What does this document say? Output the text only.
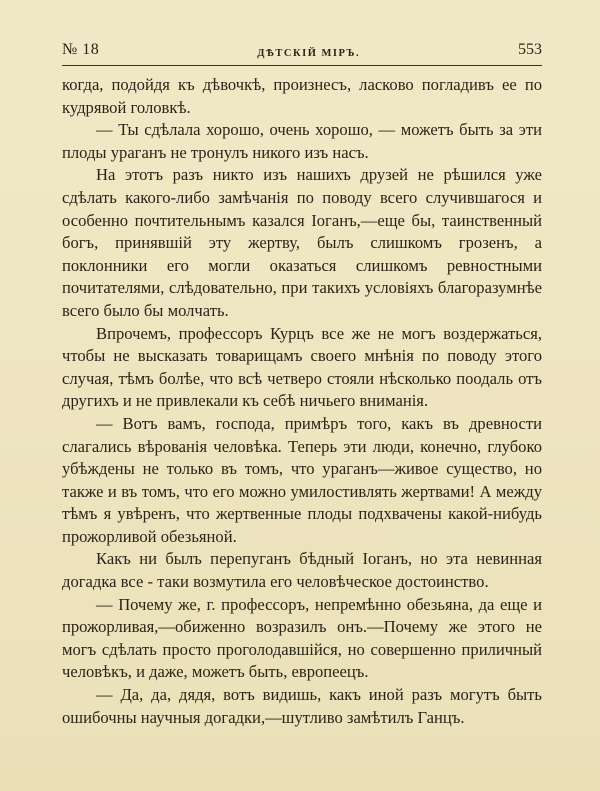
№ 18	ДѢТСКІЙ МІРЪ.	553

когда, подойдя къ дѣвочкѣ, произнесъ, ласково погладивъ ее по кудрявой головкѣ.

— Ты сдѣлала хорошо, очень хорошо, — можетъ быть за эти плоды ураганъ не тронулъ никого изъ насъ.

На этотъ разъ никто изъ нашихъ друзей не рѣшился уже сдѣлать какого-либо замѣчанія по поводу всего случившагося и особенно почтительнымъ казался Іоганъ,—еще бы, таинственный богъ, принявшій эту жертву, былъ слишкомъ грозенъ, а поклонники его могли оказаться слишкомъ ревностными почитателями, слѣдовательно, при такихъ условіяхъ благоразумнѣе всего было бы молчать.

Впрочемъ, профессоръ Курцъ все же не могъ воздержаться, чтобы не высказать товарищамъ своего мнѣнія по поводу этого случая, тѣмъ болѣе, что всѣ четверо стояли нѣсколько поодаль отъ другихъ и не привлекали къ себѣ ничьего вниманія.

— Вотъ вамъ, господа, примѣръ того, какъ въ древности слагались вѣрованія человѣка. Теперь эти люди, конечно, глубоко убѣждены не только въ томъ, что ураганъ—живое существо, но также и въ томъ, что его можно умилостивлять жертвами! А между тѣмъ я увѣренъ, что жертвенные плоды подхвачены какой-нибудь прожорливой обезьяной.

Какъ ни былъ перепуганъ бѣдный Іоганъ, но эта невинная догадка все - таки возмутила его человѣческое достоинство.

— Почему же, г. профессоръ, непремѣнно обезьяна, да еще и прожорливая,—обиженно возразилъ онъ.—Почему же этого не могъ сдѣлать просто проголодавшійся, но совершенно приличный человѣкъ, и даже, можетъ быть, европеецъ.

— Да, да, дядя, вотъ видишь, какъ иной разъ могутъ быть ошибочны научныя догадки,—шутливо замѣтилъ Ганцъ.
